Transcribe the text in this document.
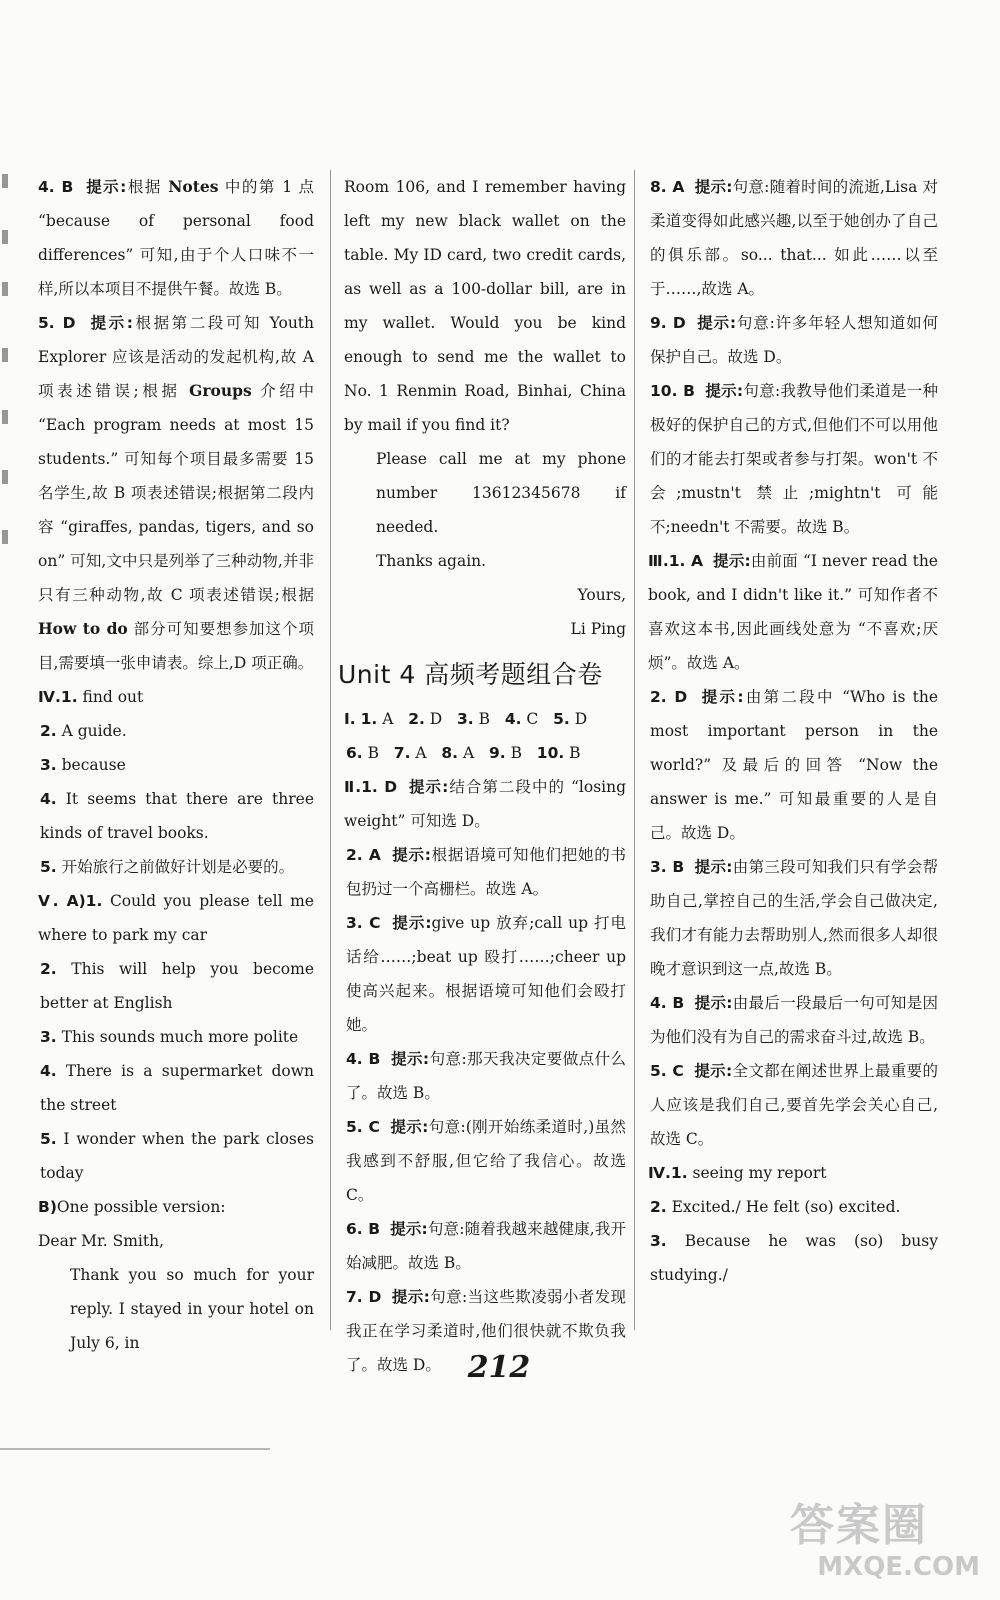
4. B 提示:根据 Notes 中的第 1 点 “because of personal food differences” 可知,由于个人口味不一样,所以本项目不提供午餐。故选 B。

5. D 提示:根据第二段可知 Youth Explorer 应该是活动的发起机构,故 A 项表述错误;根据 Groups 介绍中 “Each program needs at most 15 students.” 可知每个项目最多需要 15 名学生,故 B 项表述错误;根据第二段内容 “giraffes, pandas, tigers, and so on” 可知,文中只是列举了三种动物,并非只有三种动物,故 C 项表述错误;根据 How to do 部分可知要想参加这个项目,需要填一张申请表。综上,D 项正确。

Ⅳ.1. find out

2. A guide.

3. because

4. It seems that there are three kinds of travel books.

5. 开始旅行之前做好计划是必要的。

Ⅴ. A)1. Could you please tell me where to park my car

2. This will help you become better at English

3. This sounds much more polite

4. There is a supermarket down the street

5. I wonder when the park closes today

B)One possible version:

Dear Mr. Smith,

Thank you so much for your reply. I stayed in your hotel on July 6, in

Room 106, and I remember having left my new black wallet on the table. My ID card, two credit cards, as well as a 100-dollar bill, are in my wallet. Would you be kind enough to send me the wallet to No. 1 Renmin Road, Binhai, China by mail if you find it?

Please call me at my phone number 13612345678 if needed.

Thanks again.

Yours,

Li Ping

Unit 4 高频考题组合卷

Ⅰ. 1. A 2. D 3. B 4. C 5. D

6. B 7. A 8. A 9. B 10. B

Ⅱ.1. D 提示:结合第二段中的 “losing weight” 可知选 D。

2. A 提示:根据语境可知他们把她的书包扔过一个高栅栏。故选 A。

3. C 提示:give up 放弃;call up 打电话给……;beat up 殴打……;cheer up 使高兴起来。根据语境可知他们会殴打她。

4. B 提示:句意:那天我决定要做点什么了。故选 B。

5. C 提示:句意:(刚开始练柔道时,)虽然我感到不舒服,但它给了我信心。故选 C。

6. B 提示:句意:随着我越来越健康,我开始减肥。故选 B。

7. D 提示:句意:当这些欺凌弱小者发现我正在学习柔道时,他们很快就不欺负我了。故选 D。

8. A 提示:句意:随着时间的流逝,Lisa 对柔道变得如此感兴趣,以至于她创办了自己的俱乐部。so... that... 如此……以至于……,故选 A。

9. D 提示:句意:许多年轻人想知道如何保护自己。故选 D。

10. B 提示:句意:我教导他们柔道是一种极好的保护自己的方式,但他们不可以用他们的才能去打架或者参与打架。won't 不会;mustn't 禁止;mightn't 可能不;needn't 不需要。故选 B。

Ⅲ.1. A 提示:由前面 “I never read the book, and I didn't like it.” 可知作者不喜欢这本书,因此画线处意为 “不喜欢;厌烦”。故选 A。

2. D 提示:由第二段中 “Who is the most important person in the world?” 及最后的回答 “Now the answer is me.” 可知最重要的人是自己。故选 D。

3. B 提示:由第三段可知我们只有学会帮助自己,掌控自己的生活,学会自己做决定,我们才有能力去帮助别人,然而很多人却很晚才意识到这一点,故选 B。

4. B 提示:由最后一段最后一句可知是因为他们没有为自己的需求奋斗过,故选 B。

5. C 提示:全文都在阐述世界上最重要的人应该是我们自己,要首先学会关心自己,故选 C。

Ⅳ.1. seeing my report

2. Excited./ He felt (so) excited.

3. Because he was (so) busy studying./

212
答案圈
MXQE.COM
